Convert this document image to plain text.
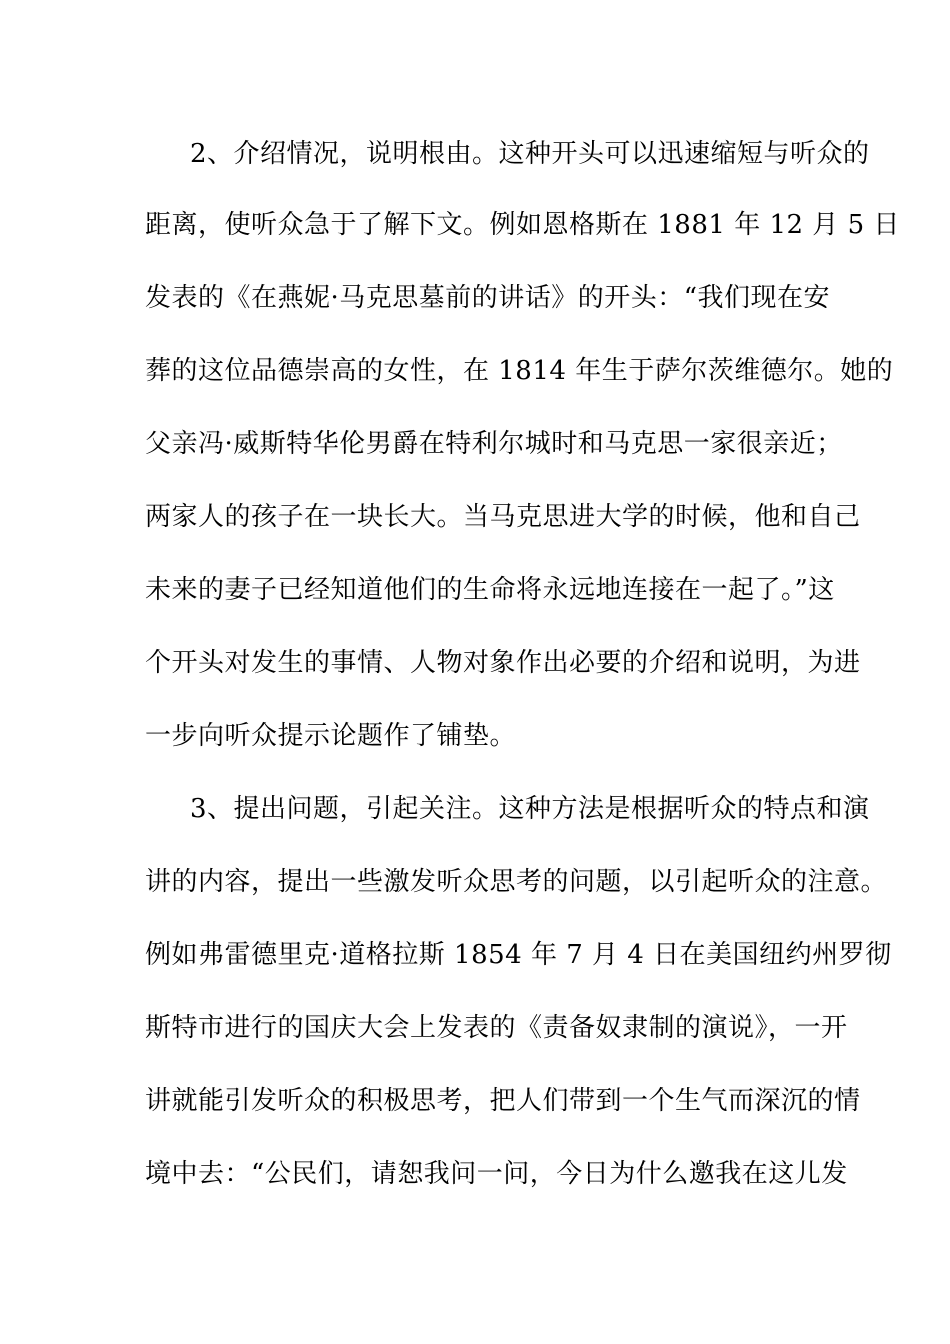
2、介绍情况，说明根由。这种开头可以迅速缩短与听众的
距离，使听众急于了解下文。例如恩格斯在 1881 年 12 月 5 日
发表的《在燕妮·马克思墓前的讲话》的开头：“我们现在安
葬的这位品德崇高的女性，在 1814 年生于萨尔茨维德尔。她的
父亲冯·威斯特华伦男爵在特利尔城时和马克思一家很亲近；
两家人的孩子在一块长大。当马克思进大学的时候，他和自己
未来的妻子已经知道他们的生命将永远地连接在一起了。”这
个开头对发生的事情、人物对象作出必要的介绍和说明，为进
一步向听众提示论题作了铺垫。
3、提出问题，引起关注。这种方法是根据听众的特点和演
讲的内容，提出一些激发听众思考的问题，以引起听众的注意。
例如弗雷德里克·道格拉斯 1854 年 7 月 4 日在美国纽约州罗彻
斯特市进行的国庆大会上发表的《责备奴隶制的演说》，一开
讲就能引发听众的积极思考，把人们带到一个生气而深沉的情
境中去：“公民们，请恕我问一问，今日为什么邀我在这儿发
